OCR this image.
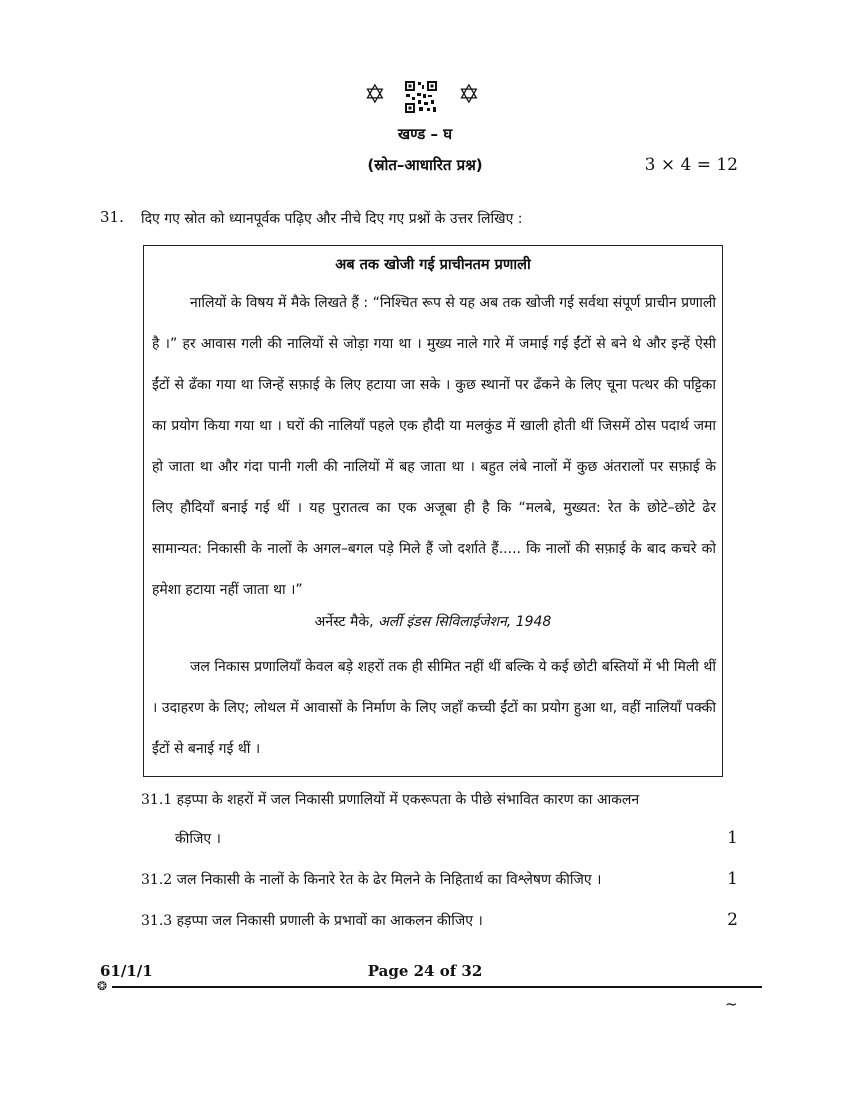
✡	✡
खण्ड – घ
(स्रोत–आधारित प्रश्न)	3 × 4 = 12
31. दिए गए स्रोत को ध्यानपूर्वक पढ़िए और नीचे दिए गए प्रश्नों के उत्तर लिखिए :
अब तक खोजी गई प्राचीनतम प्रणाली

नालियों के विषय में मैके लिखते हैं : “निश्चित रूप से यह अब तक खोजी गई सर्वथा संपूर्ण प्राचीन प्रणाली है ।” हर आवास गली की नालियों से जोड़ा गया था । मुख्य नाले गारे में जमाई गई ईंटों से बने थे और इन्हें ऐसी ईंटों से ढँका गया था जिन्हें सफ़ाई के लिए हटाया जा सके । कुछ स्थानों पर ढँकने के लिए चूना पत्थर की पट्टिका का प्रयोग किया गया था । घरों की नालियाँ पहले एक हौदी या मलकुंड में खाली होती थीं जिसमें ठोस पदार्थ जमा हो जाता था और गंदा पानी गली की नालियों में बह जाता था । बहुत लंबे नालों में कुछ अंतरालों पर सफ़ाई के लिए हौदियाँ बनाई गई थीं । यह पुरातत्व का एक अजूबा ही है कि “मलबे, मुख्यत: रेत के छोटे–छोटे ढेर सामान्यत: निकासी के नालों के अगल–बगल पड़े मिले हैं जो दर्शाते हैं..... कि नालों की सफ़ाई के बाद कचरे को हमेशा हटाया नहीं जाता था ।”

अर्नेस्ट मैके, अर्ली इंडस सिविलाईजेशन, 1948

जल निकास प्रणालियाँ केवल बड़े शहरों तक ही सीमित नहीं थीं बल्कि ये कई छोटी बस्तियों में भी मिली थीं । उदाहरण के लिए; लोथल में आवासों के निर्माण के लिए जहाँ कच्ची ईंटों का प्रयोग हुआ था, वहीं नालियाँ पक्की ईंटों से बनाई गई थीं ।

31.1 हड़प्पा के शहरों में जल निकासी प्रणालियों में एकरूपता के पीछे संभावित कारण का आकलन
कीजिए ।	1
31.2 जल निकासी के नालों के किनारे रेत के ढेर मिलने के निहितार्थ का विश्लेषण कीजिए ।	1
31.3 हड़प्पा जल निकासी प्रणाली के प्रभावों का आकलन कीजिए ।	2
61/1/1	Page 24 of 32
❂
~
